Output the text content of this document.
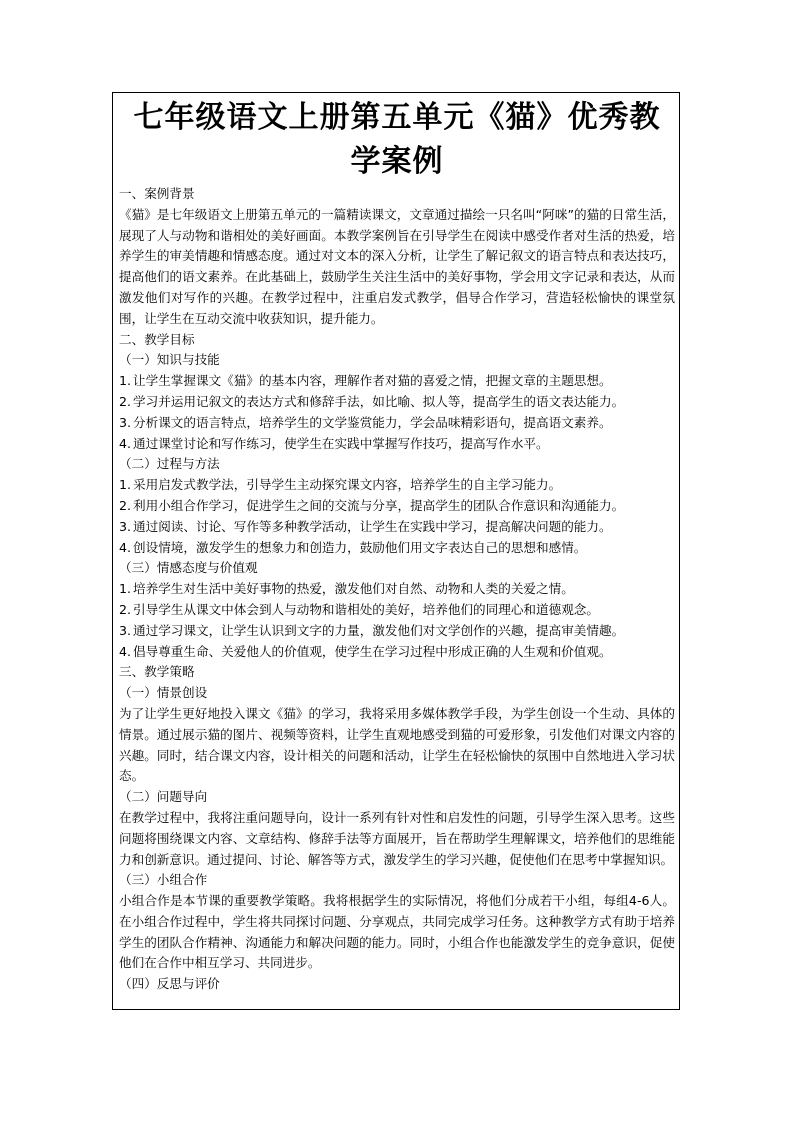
七年级语文上册第五单元《猫》优秀教学案例
一、案例背景

《猫》是七年级语文上册第五单元的一篇精读课文，文章通过描绘一只名叫“阿咪”的猫的日常生活，展现了人与动物和谐相处的美好画面。本教学案例旨在引导学生在阅读中感受作者对生活的热爱，培养学生的审美情趣和情感态度。通过对文本的深入分析，让学生了解记叙文的语言特点和表达技巧，提高他们的语文素养。在此基础上，鼓励学生关注生活中的美好事物，学会用文字记录和表达，从而激发他们对写作的兴趣。在教学过程中，注重启发式教学，倡导合作学习，营造轻松愉快的课堂氛围，让学生在互动交流中收获知识，提升能力。

二、教学目标
（一）知识与技能
1. 让学生掌握课文《猫》的基本内容，理解作者对猫的喜爱之情，把握文章的主题思想。
2. 学习并运用记叙文的表达方式和修辞手法，如比喻、拟人等，提高学生的语文表达能力。
3. 分析课文的语言特点，培养学生的文学鉴赏能力，学会品味精彩语句，提高语文素养。
4. 通过课堂讨论和写作练习，使学生在实践中掌握写作技巧，提高写作水平。
（二）过程与方法
1. 采用启发式教学法，引导学生主动探究课文内容，培养学生的自主学习能力。
2. 利用小组合作学习，促进学生之间的交流与分享，提高学生的团队合作意识和沟通能力。
3. 通过阅读、讨论、写作等多种教学活动，让学生在实践中学习，提高解决问题的能力。
4. 创设情境，激发学生的想象力和创造力，鼓励他们用文字表达自己的思想和感情。
（三）情感态度与价值观
1. 培养学生对生活中美好事物的热爱，激发他们对自然、动物和人类的关爱之情。
2. 引导学生从课文中体会到人与动物和谐相处的美好，培养他们的同理心和道德观念。
3. 通过学习课文，让学生认识到文字的力量，激发他们对文学创作的兴趣，提高审美情趣。
4. 倡导尊重生命、关爱他人的价值观，使学生在学习过程中形成正确的人生观和价值观。
三、教学策略
（一）情景创设

为了让学生更好地投入课文《猫》的学习，我将采用多媒体教学手段，为学生创设一个生动、具体的情景。通过展示猫的图片、视频等资料，让学生直观地感受到猫的可爱形象，引发他们对课文内容的兴趣。同时，结合课文内容，设计相关的问题和活动，让学生在轻松愉快的氛围中自然地进入学习状态。

（二）问题导向

在教学过程中，我将注重问题导向，设计一系列有针对性和启发性的问题，引导学生深入思考。这些问题将围绕课文内容、文章结构、修辞手法等方面展开，旨在帮助学生理解课文，培养他们的思维能力和创新意识。通过提问、讨论、解答等方式，激发学生的学习兴趣，促使他们在思考中掌握知识。

（三）小组合作

小组合作是本节课的重要教学策略。我将根据学生的实际情况，将他们分成若干小组，每组4-6人。在小组合作过程中，学生将共同探讨问题、分享观点，共同完成学习任务。这种教学方式有助于培养学生的团队合作精神、沟通能力和解决问题的能力。同时，小组合作也能激发学生的竞争意识，促使他们在合作中相互学习、共同进步。

（四）反思与评价
